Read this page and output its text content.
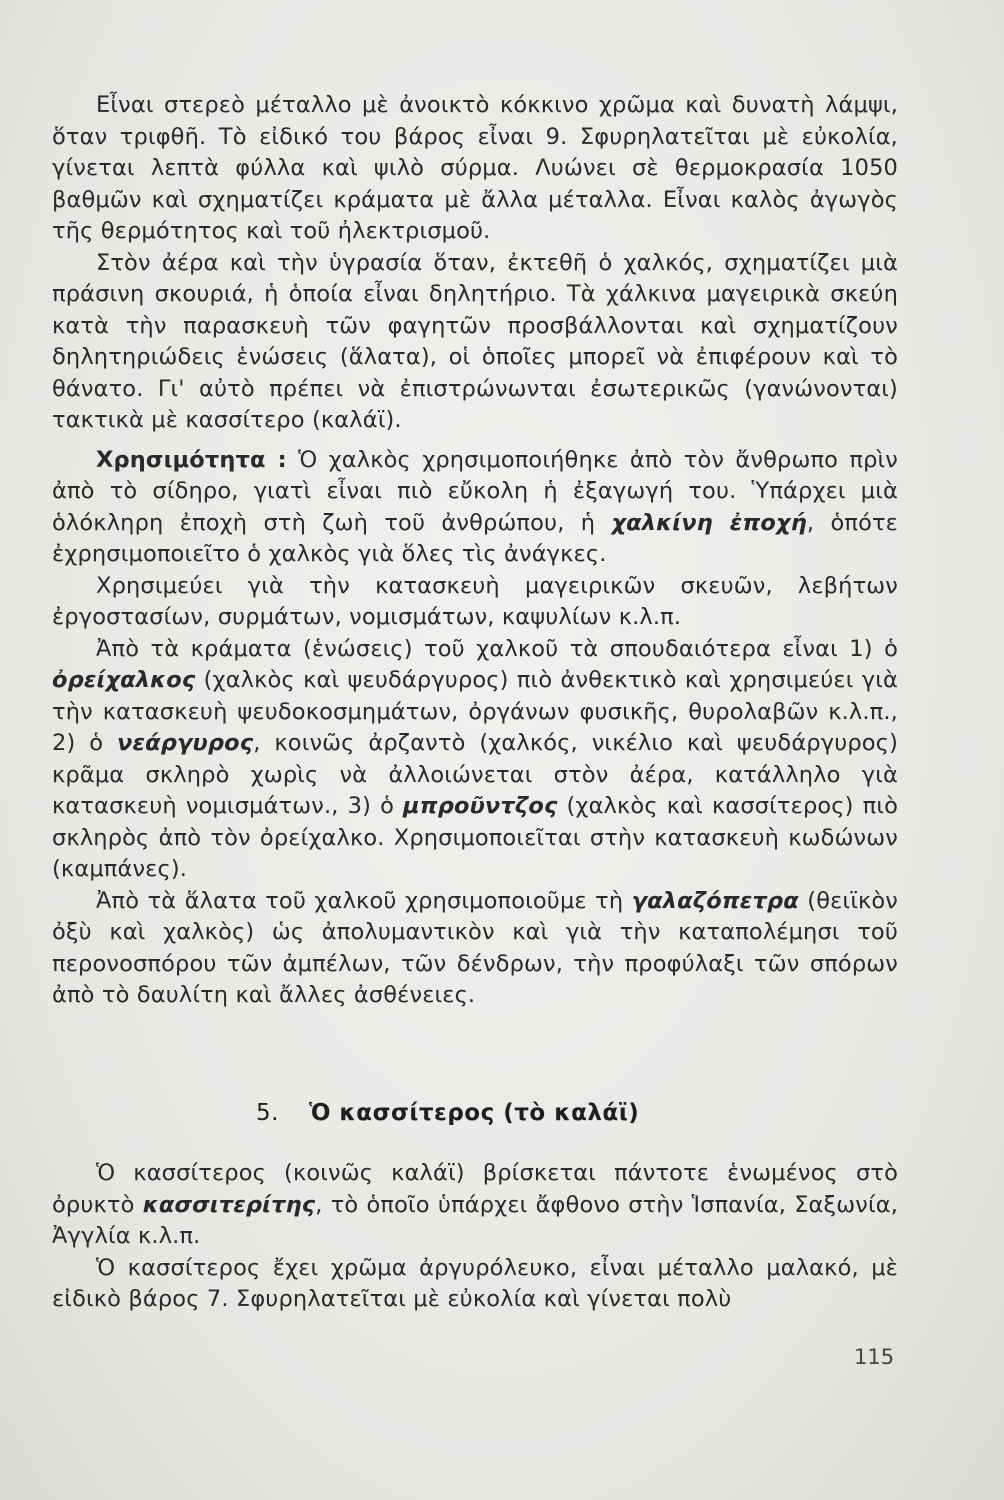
Εἶναι στερεὸ μέταλλο μὲ ἀνοικτὸ κόκκινο χρῶμα καὶ δυνατὴ λάμψι, ὅταν τριφθῆ. Τὸ εἰδικό του βάρος εἶναι 9. Σφυρηλατεῖται μὲ εὐκολία, γίνεται λεπτὰ φύλλα καὶ ψιλὸ σύρμα. Λυώνει σὲ θερμοκρασία 1050 βαθμῶν καὶ σχηματίζει κράματα μὲ ἄλλα μέταλλα. Εἶναι καλὸς ἀγωγὸς τῆς θερμότητος καὶ τοῦ ἠλεκτρισμοῦ.

Στὸν ἀέρα καὶ τὴν ὑγρασία ὅταν, ἐκτεθῆ ὁ χαλκός, σχηματίζει μιὰ πράσινη σκουριά, ἡ ὁποία εἶναι δηλητήριο. Τὰ χάλκινα μαγειρικὰ σκεύη κατὰ τὴν παρασκευὴ τῶν φαγητῶν προσβάλλονται καὶ σχηματίζουν δηλητηριώδεις ἑνώσεις (ἅλατα), οἱ ὁποῖες μπορεῖ νὰ ἐπιφέρουν καὶ τὸ θάνατο. Γι' αὐτὸ πρέπει νὰ ἐπιστρώνωνται ἐσωτερικῶς (γανώνονται) τακτικὰ μὲ κασσίτερο (καλάϊ).

Χρησιμότητα : Ὁ χαλκὸς χρησιμοποιήθηκε ἀπὸ τὸν ἄνθρωπο πρὶν ἀπὸ τὸ σίδηρο, γιατὶ εἶναι πιὸ εὔκολη ἡ ἐξαγωγή του. Ὑπάρχει μιὰ ὁλόκληρη ἐποχὴ στὴ ζωὴ τοῦ ἀνθρώπου, ἡ χαλκίνη ἐποχή, ὁπότε ἐχρησιμοποιεῖτο ὁ χαλκὸς γιὰ ὅλες τὶς ἀνάγκες.

Χρησιμεύει γιὰ τὴν κατασκευὴ μαγειρικῶν σκευῶν, λεβήτων ἐργοστασίων, συρμάτων, νομισμάτων, καψυλίων κ.λ.π.

Ἀπὸ τὰ κράματα (ἑνώσεις) τοῦ χαλκοῦ τὰ σπουδαιότερα εἶναι 1) ὁ ὀρείχαλκος (χαλκὸς καὶ ψευδάργυρος) πιὸ ἀνθεκτικὸ καὶ χρησιμεύει γιὰ τὴν κατασκευὴ ψευδοκοσμημάτων, ὀργάνων φυσικῆς, θυρολαβῶν κ.λ.π., 2) ὁ νεάργυρος, κοινῶς ἀρζαντὸ (χαλκός, νικέλιο καὶ ψευδάργυρος) κρᾶμα σκληρὸ χωρὶς νὰ ἀλλοιώνεται στὸν ἀέρα, κατάλληλο γιὰ κατασκευὴ νομισμάτων., 3) ὁ μπροῦντζος (χαλκὸς καὶ κασσίτερος) πιὸ σκληρὸς ἀπὸ τὸν ὀρείχαλκο. Χρησιμοποιεῖται στὴν κατασκευὴ κωδώνων (καμπάνες).

Ἀπὸ τὰ ἅλατα τοῦ χαλκοῦ χρησιμοποιοῦμε τὴ γαλαζόπετρα (θειϊκὸν ὀξὺ καὶ χαλκὸς) ὡς ἀπολυμαντικὸν καὶ γιὰ τὴν καταπολέμησι τοῦ περονοσπόρου τῶν ἀμπέλων, τῶν δένδρων, τὴν προφύλαξι τῶν σπόρων ἀπὸ τὸ δαυλίτη καὶ ἄλλες ἀσθένειες.

5. Ὁ κασσίτερος (τὸ καλάϊ)

Ὁ κασσίτερος (κοινῶς καλάϊ) βρίσκεται πάντοτε ἑνωμένος στὸ ὀρυκτὸ κασσιτερίτης, τὸ ὁποῖο ὑπάρχει ἄφθονο στὴν Ἱσπανία, Σαξωνία, Ἀγγλία κ.λ.π.

Ὁ κασσίτερος ἔχει χρῶμα ἀργυρόλευκο, εἶναι μέταλλο μαλακό, μὲ εἰδικὸ βάρος 7. Σφυρηλατεῖται μὲ εὐκολία καὶ γίνεται πολὺ

115
